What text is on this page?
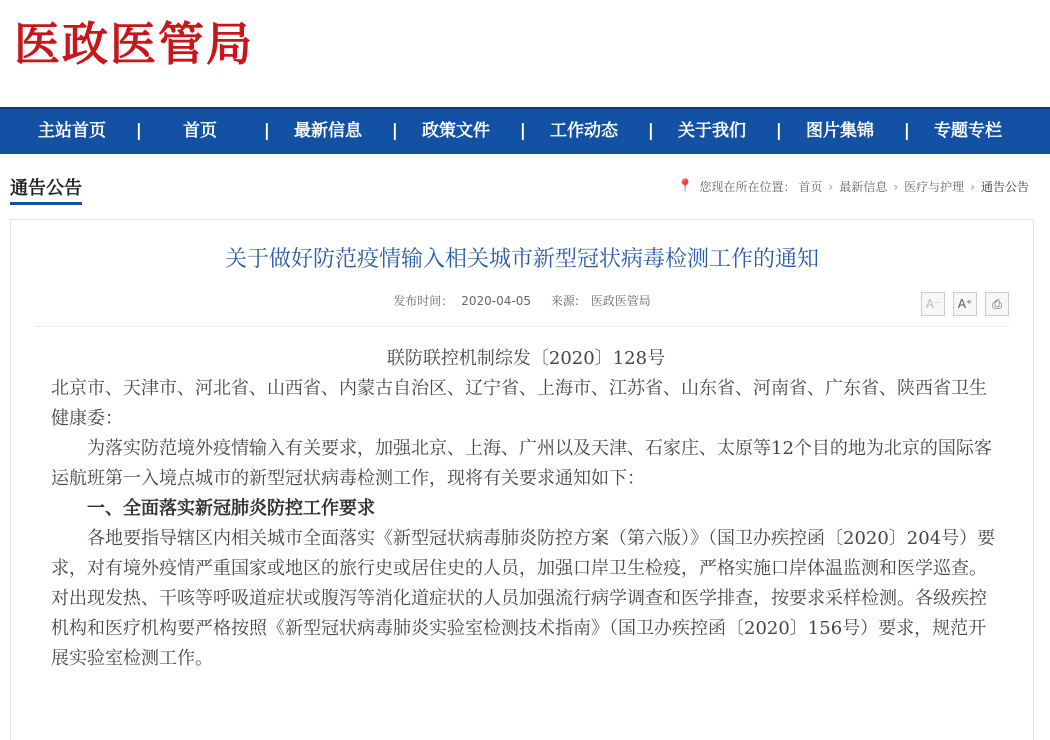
医政医管局
主站首页 |	首页	|	最新信息 |	政策文件 |	工作动态 |	关于我们 |	图片集锦 |	专题专栏
通告公告	📍 您现在所在位置： 首页 › 最新信息 › 医疗与护理 › 通告公告
关于做好防范疫情输入相关城市新型冠状病毒检测工作的通知
发布时间： 2020-04-05 来源: 医政医管局	A⁻	A⁺	⎙

联防联控机制综发〔2020〕128号

北京市、天津市、河北省、山西省、内蒙古自治区、辽宁省、上海市、江苏省、山东省、河南省、广东省、陕西省卫生健康委：

为落实防范境外疫情输入有关要求，加强北京、上海、广州以及天津、石家庄、太原等12个目的地为北京的国际客运航班第一入境点城市的新型冠状病毒检测工作，现将有关要求通知如下：

一、全面落实新冠肺炎防控工作要求

各地要指导辖区内相关城市全面落实《新型冠状病毒肺炎防控方案（第六版）》（国卫办疾控函〔2020〕204号）要求，对有境外疫情严重国家或地区的旅行史或居住史的人员，加强口岸卫生检疫，严格实施口岸体温监测和医学巡查。对出现发热、干咳等呼吸道症状或腹泻等消化道症状的人员加强流行病学调查和医学排查，按要求采样检测。各级疾控机构和医疗机构要严格按照《新型冠状病毒肺炎实验室检测技术指南》（国卫办疾控函〔2020〕156号）要求，规范开展实验室检测工作。
